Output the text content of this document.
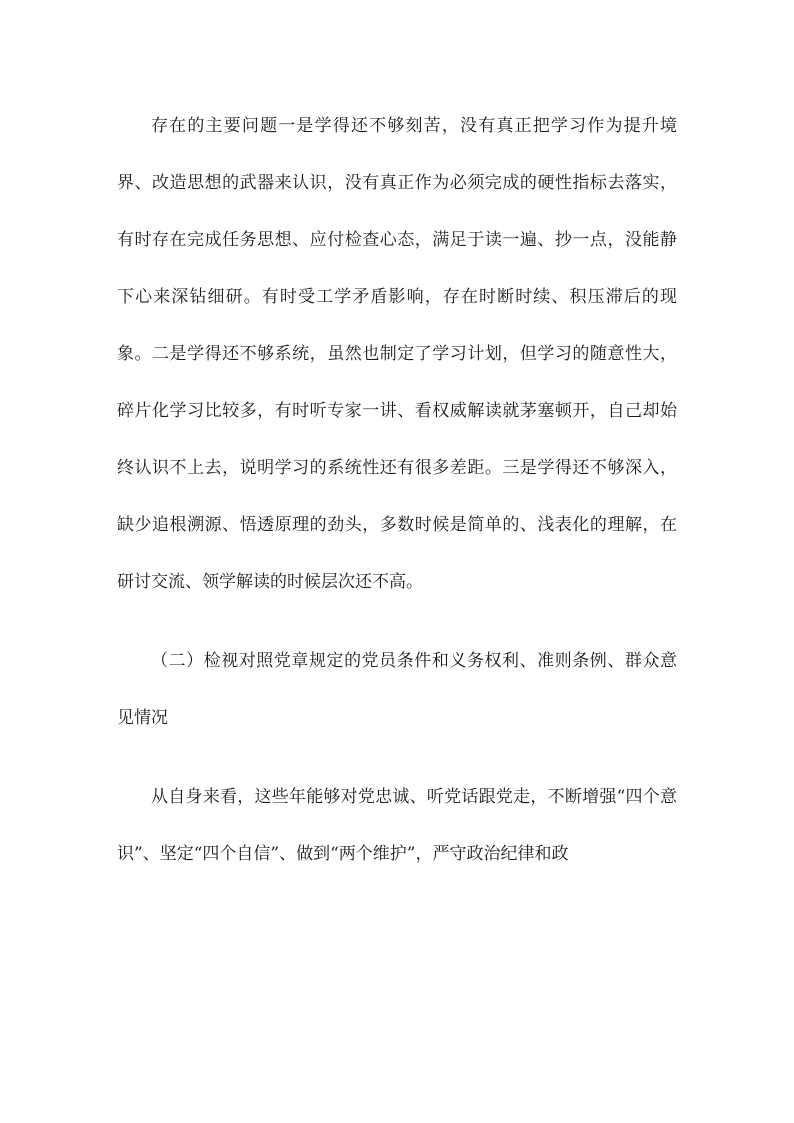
存在的主要问题一是学得还不够刻苦，没有真正把学习作为提升境界、改造思想的武器来认识，没有真正作为必须完成的硬性指标去落实，有时存在完成任务思想、应付检查心态，满足于读一遍、抄一点，没能静下心来深钻细研。有时受工学矛盾影响，存在时断时续、积压滞后的现象。二是学得还不够系统，虽然也制定了学习计划，但学习的随意性大，碎片化学习比较多，有时听专家一讲、看权威解读就茅塞顿开，自己却始终认识不上去，说明学习的系统性还有很多差距。三是学得还不够深入，缺少追根溯源、悟透原理的劲头，多数时候是简单的、浅表化的理解，在研讨交流、领学解读的时候层次还不高。

（二）检视对照党章规定的党员条件和义务权利、准则条例、群众意见情况

从自身来看，这些年能够对党忠诚、听党话跟党走，不断增强“四个意识”、坚定“四个自信”、做到“两个维护”，严守政治纪律和政
